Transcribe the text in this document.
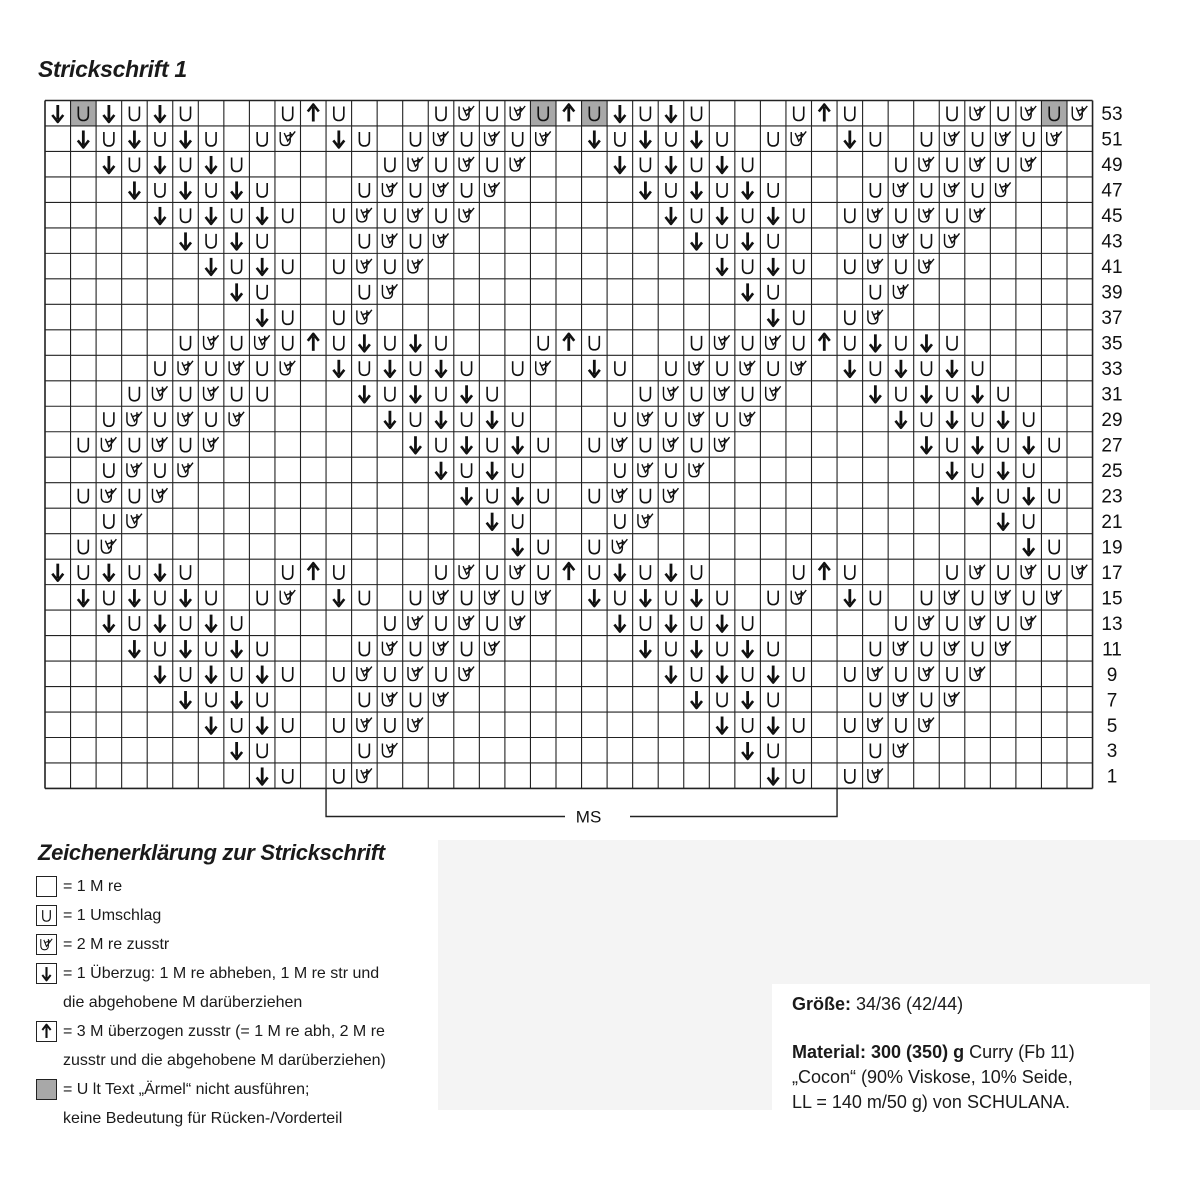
Strickschrift 1
53
51
49
47
45
43
41
39
37
35
33
31
29
27
25
23
21
19
17
15
13
11
9
7
5
3
1
MS
Zeichenerklärung zur Strickschrift
= 1 M re
= 1 Umschlag
= 2 M re zusstr
= 1 Überzug: 1 M re abheben, 1 M re str und
die abgehobene M darüberziehen
= 3 M überzogen zusstr (= 1 M re abh, 2 M re
zusstr und die abgehobene M darüberziehen)
= U lt Text „Ärmel“ nicht ausführen;
keine Bedeutung für Rücken-/Vorderteil

Größe: 34/36 (42/44)

Material: 300 (350) g Curry (Fb 11)

„Cocon“ (90% Viskose, 10% Seide,

LL = 140 m/50 g) von SCHULANA.
